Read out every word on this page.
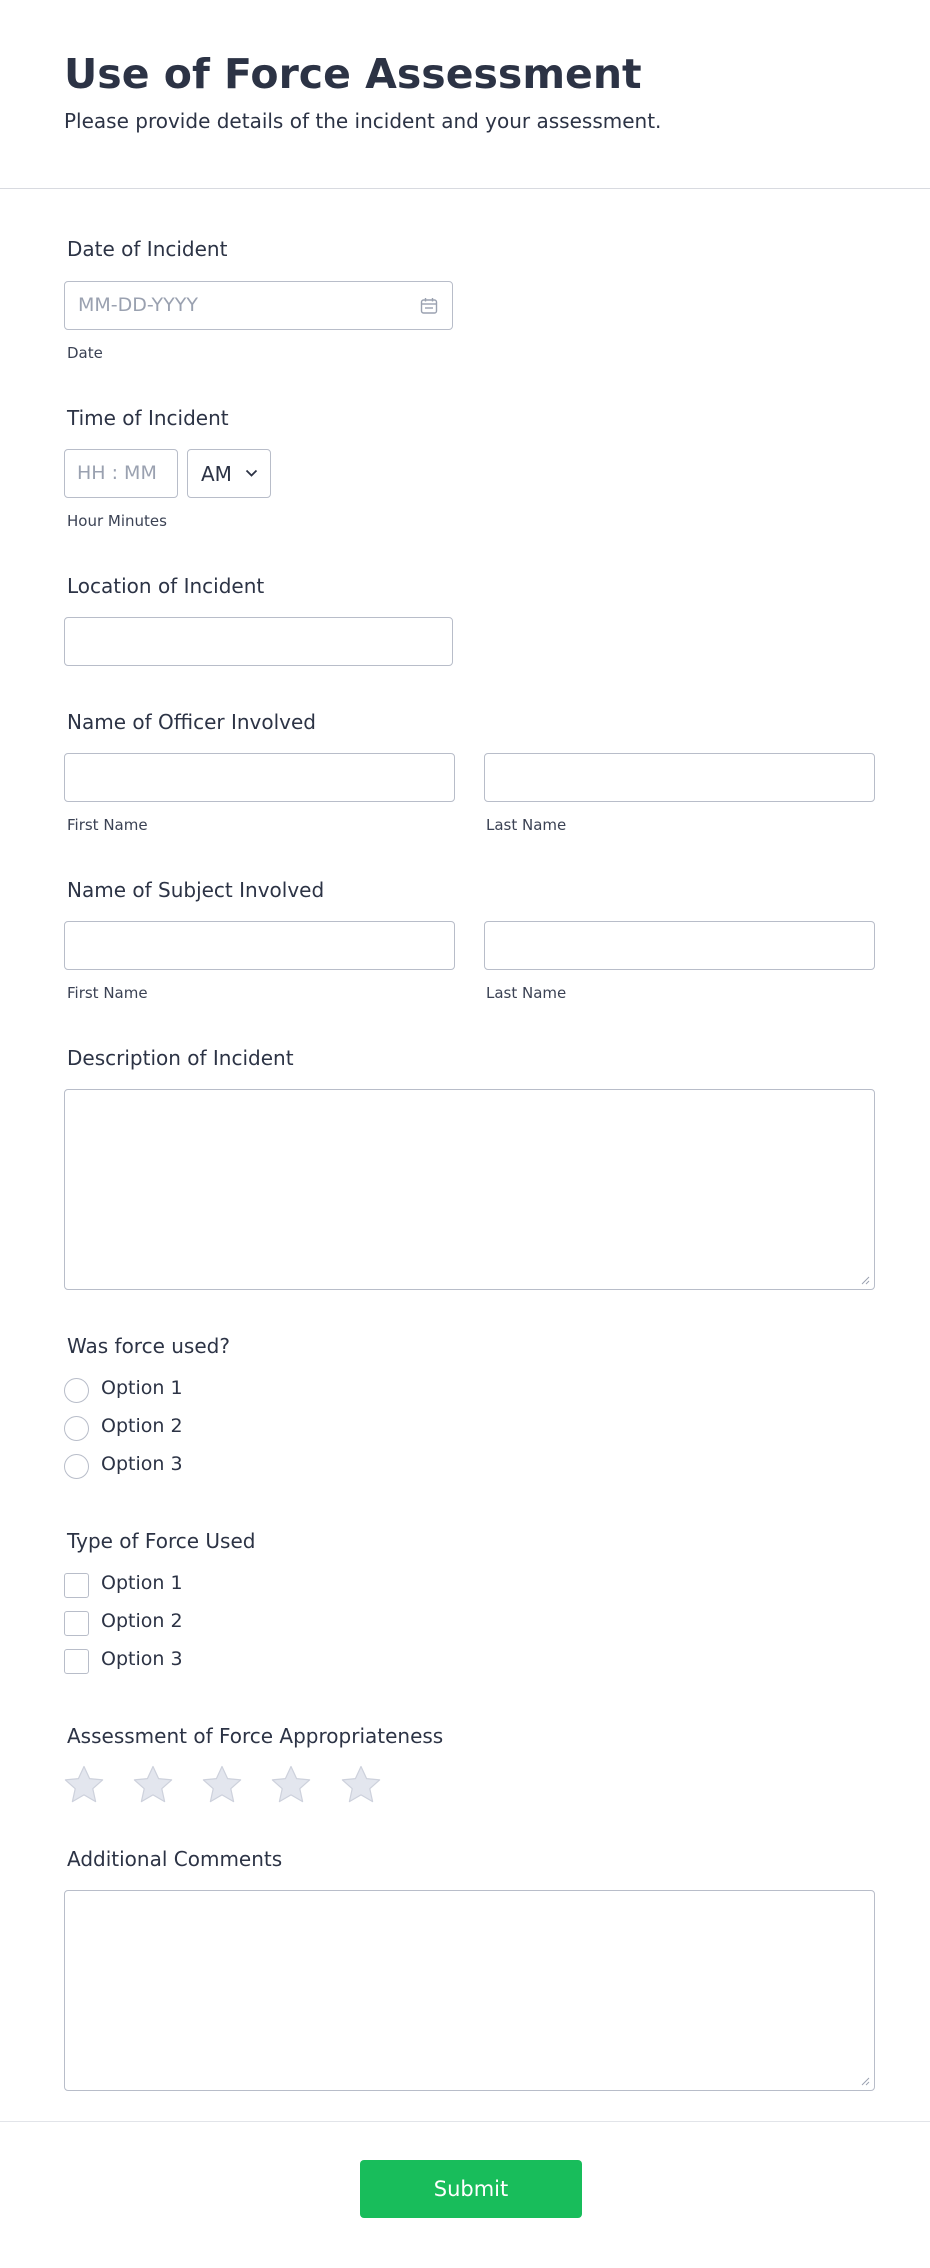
Use of Force Assessment
Please provide details of the incident and your assessment.
Date of Incident
MM-DD-YYYY
Date
Time of Incident
HH : MM AM
Hour Minutes
Location of Incident
Name of Officer Involved
First Name	Last Name
Name of Subject Involved
First Name	Last Name
Description of Incident
Was force used?
Option 1
Option 2
Option 3
Type of Force Used
Option 1
Option 2
Option 3
Assessment of Force Appropriateness
Additional Comments
Submit
